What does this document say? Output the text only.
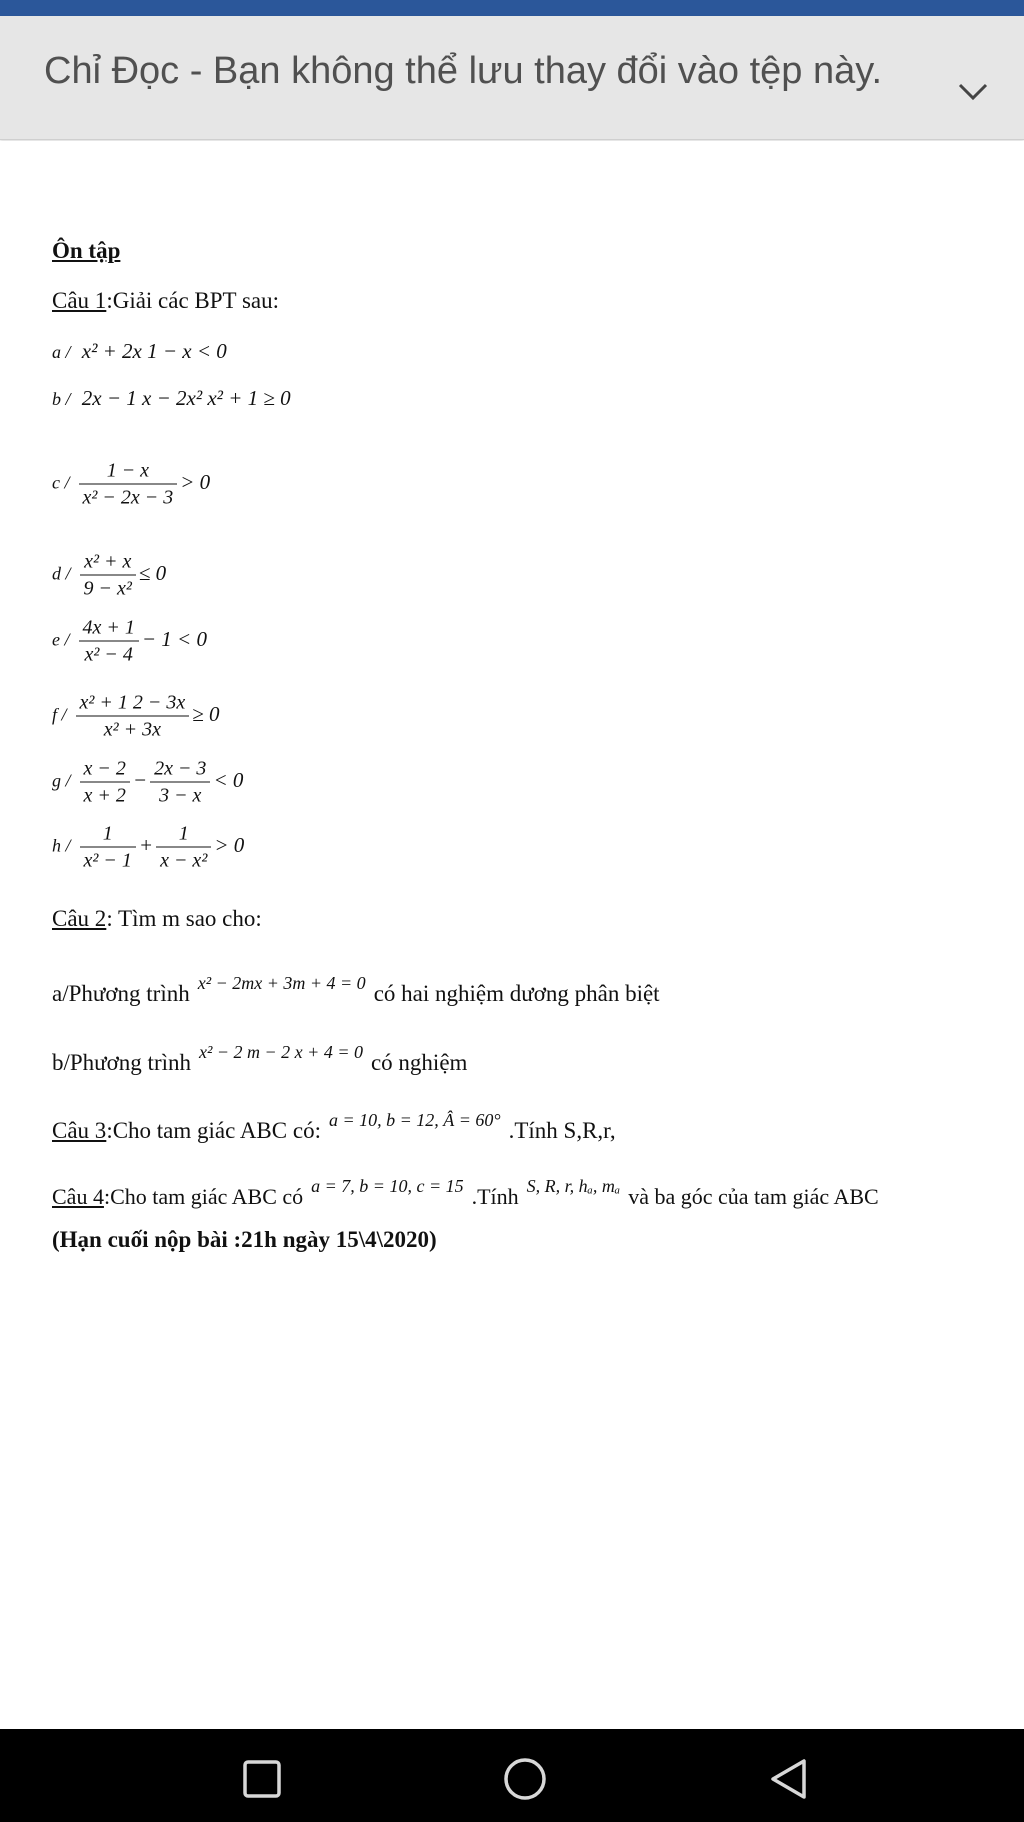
Chỉ Đọc - Bạn không thể lưu thay đổi vào tệp này.
Ôn tập
Câu 1:Giải các BPT sau:
a / x² + 2x 1 − x < 0
b / 2x − 1 x − 2x² x² + 1 ≥ 0
$c / \frac{1 - x}{\text{x² − 2x − 3}} > 0$
$d / \frac{\text{x² + x}}{\text{9 − x²}} \le 0$
$e / \frac{4x + 1}{\text{x² − 4}} - 1 < 0$
$f / \frac{\text{x² + 1 2 − 3x}}{\text{x² + 3x}} \ge 0$
$g / \frac{x - 2}{x + 2} - \frac{2x - 3}{3 - x} < 0$
$h / \frac{1}{\text{x² − 1}} + \frac{1}{\text{x − x²}} > 0$
Câu 2: Tìm m sao cho:
a/Phương trình $^{x^2 - 2mx + 3m + 4 = 0}$ có hai nghiệm dương phân biệt
b/Phương trình $^{x^2 - 2 m - 2 x + 4 = 0}$ có nghiệm
Câu 3:Cho tam giác ABC có: $^{a = 10, b = 12, Â = 60^\circ}$ .Tính S,R,r,
Câu 4:Cho tam giác ABC có $^{a = 7, b = 10, c = 15}$ .Tính $^{S, R, r, h_a, m_a}$ và ba góc của tam giác ABC
(Hạn cuối nộp bài :21h ngày 15\4\2020)
